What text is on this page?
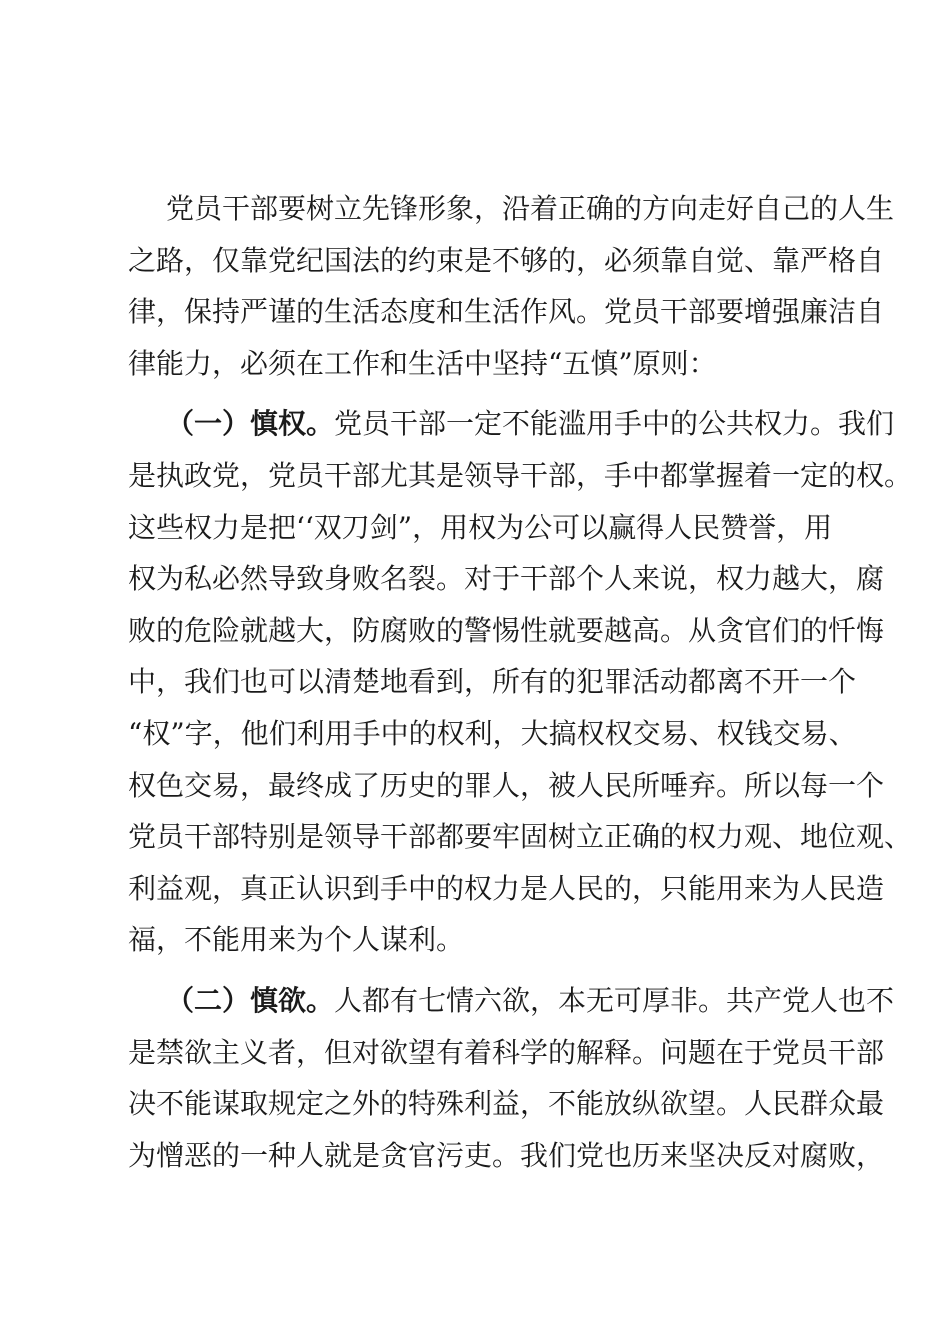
党员干部要树立先锋形象，沿着正确的方向走好自己的人生
之路，仅靠党纪国法的约束是不够的，必须靠自觉、靠严格自
律，保持严谨的生活态度和生活作风。党员干部要增强廉洁自
律能力，必须在工作和生活中坚持“五慎”原则：
（一）慎权。党员干部一定不能滥用手中的公共权力。我们
是执政党，党员干部尤其是领导干部，手中都掌握着一定的权。
这些权力是把‘‘双刀剑”，用权为公可以赢得人民赞誉，用
权为私必然导致身败名裂。对于干部个人来说，权力越大，腐
败的危险就越大，防腐败的警惕性就要越高。从贪官们的忏悔
中，我们也可以清楚地看到，所有的犯罪活动都离不开一个
“权”字，他们利用手中的权利，大搞权权交易、权钱交易、
权色交易，最终成了历史的罪人，被人民所唾弃。所以每一个
党员干部特别是领导干部都要牢固树立正确的权力观、地位观、
利益观，真正认识到手中的权力是人民的，只能用来为人民造
福，不能用来为个人谋利。
（二）慎欲。人都有七情六欲，本无可厚非。共产党人也不
是禁欲主义者，但对欲望有着科学的解释。问题在于党员干部
决不能谋取规定之外的特殊利益，不能放纵欲望。人民群众最
为憎恶的一种人就是贪官污吏。我们党也历来坚决反对腐败，
